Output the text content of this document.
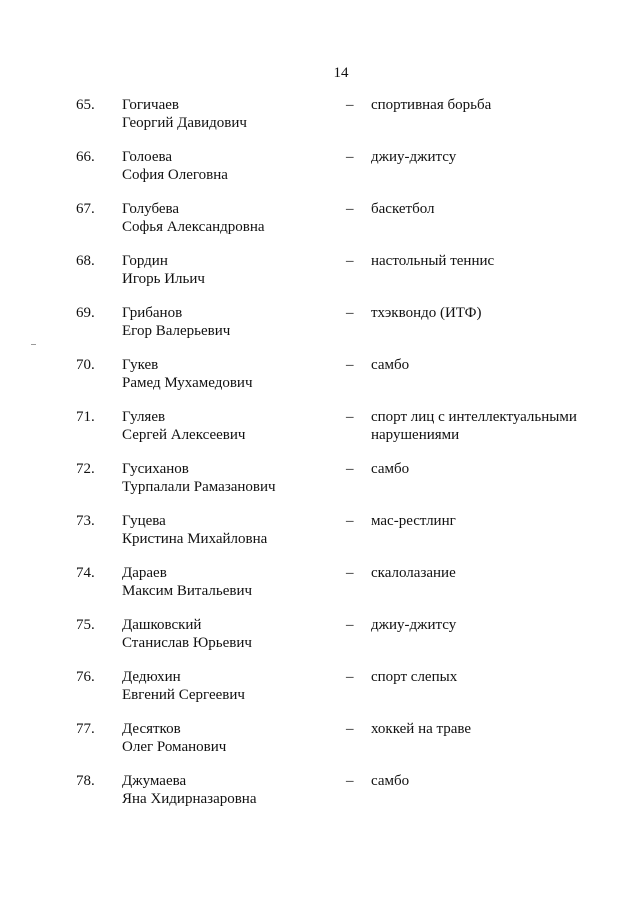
14
65. Гогичаев
Георгий Давидович
– спортивная борьба
66. Голоева
София Олеговна
– джиу-джитсу
67. Голубева
Софья Александровна
– баскетбол
68. Гордин
Игорь Ильич
– настольный теннис
69. Грибанов
Егор Валерьевич
– тхэквондо (ИТФ)
70. Гукев
Рамед Мухамедович
– самбо
71. Гуляев
Сергей Алексеевич
– спорт лиц с интеллектуальными нарушениями
72. Гусиханов
Турпалали Рамазанович
– самбо
73. Гуцева
Кристина Михайловна
– мас-рестлинг
74. Дараев
Максим Витальевич
– скалолазание
75. Дашковский
Станислав Юрьевич
– джиу-джитсу
76. Дедюхин
Евгений Сергеевич
– спорт слепых
77. Десятков
Олег Романович
– хоккей на траве
78. Джумаева
Яна Хидирназаровна
– самбо
